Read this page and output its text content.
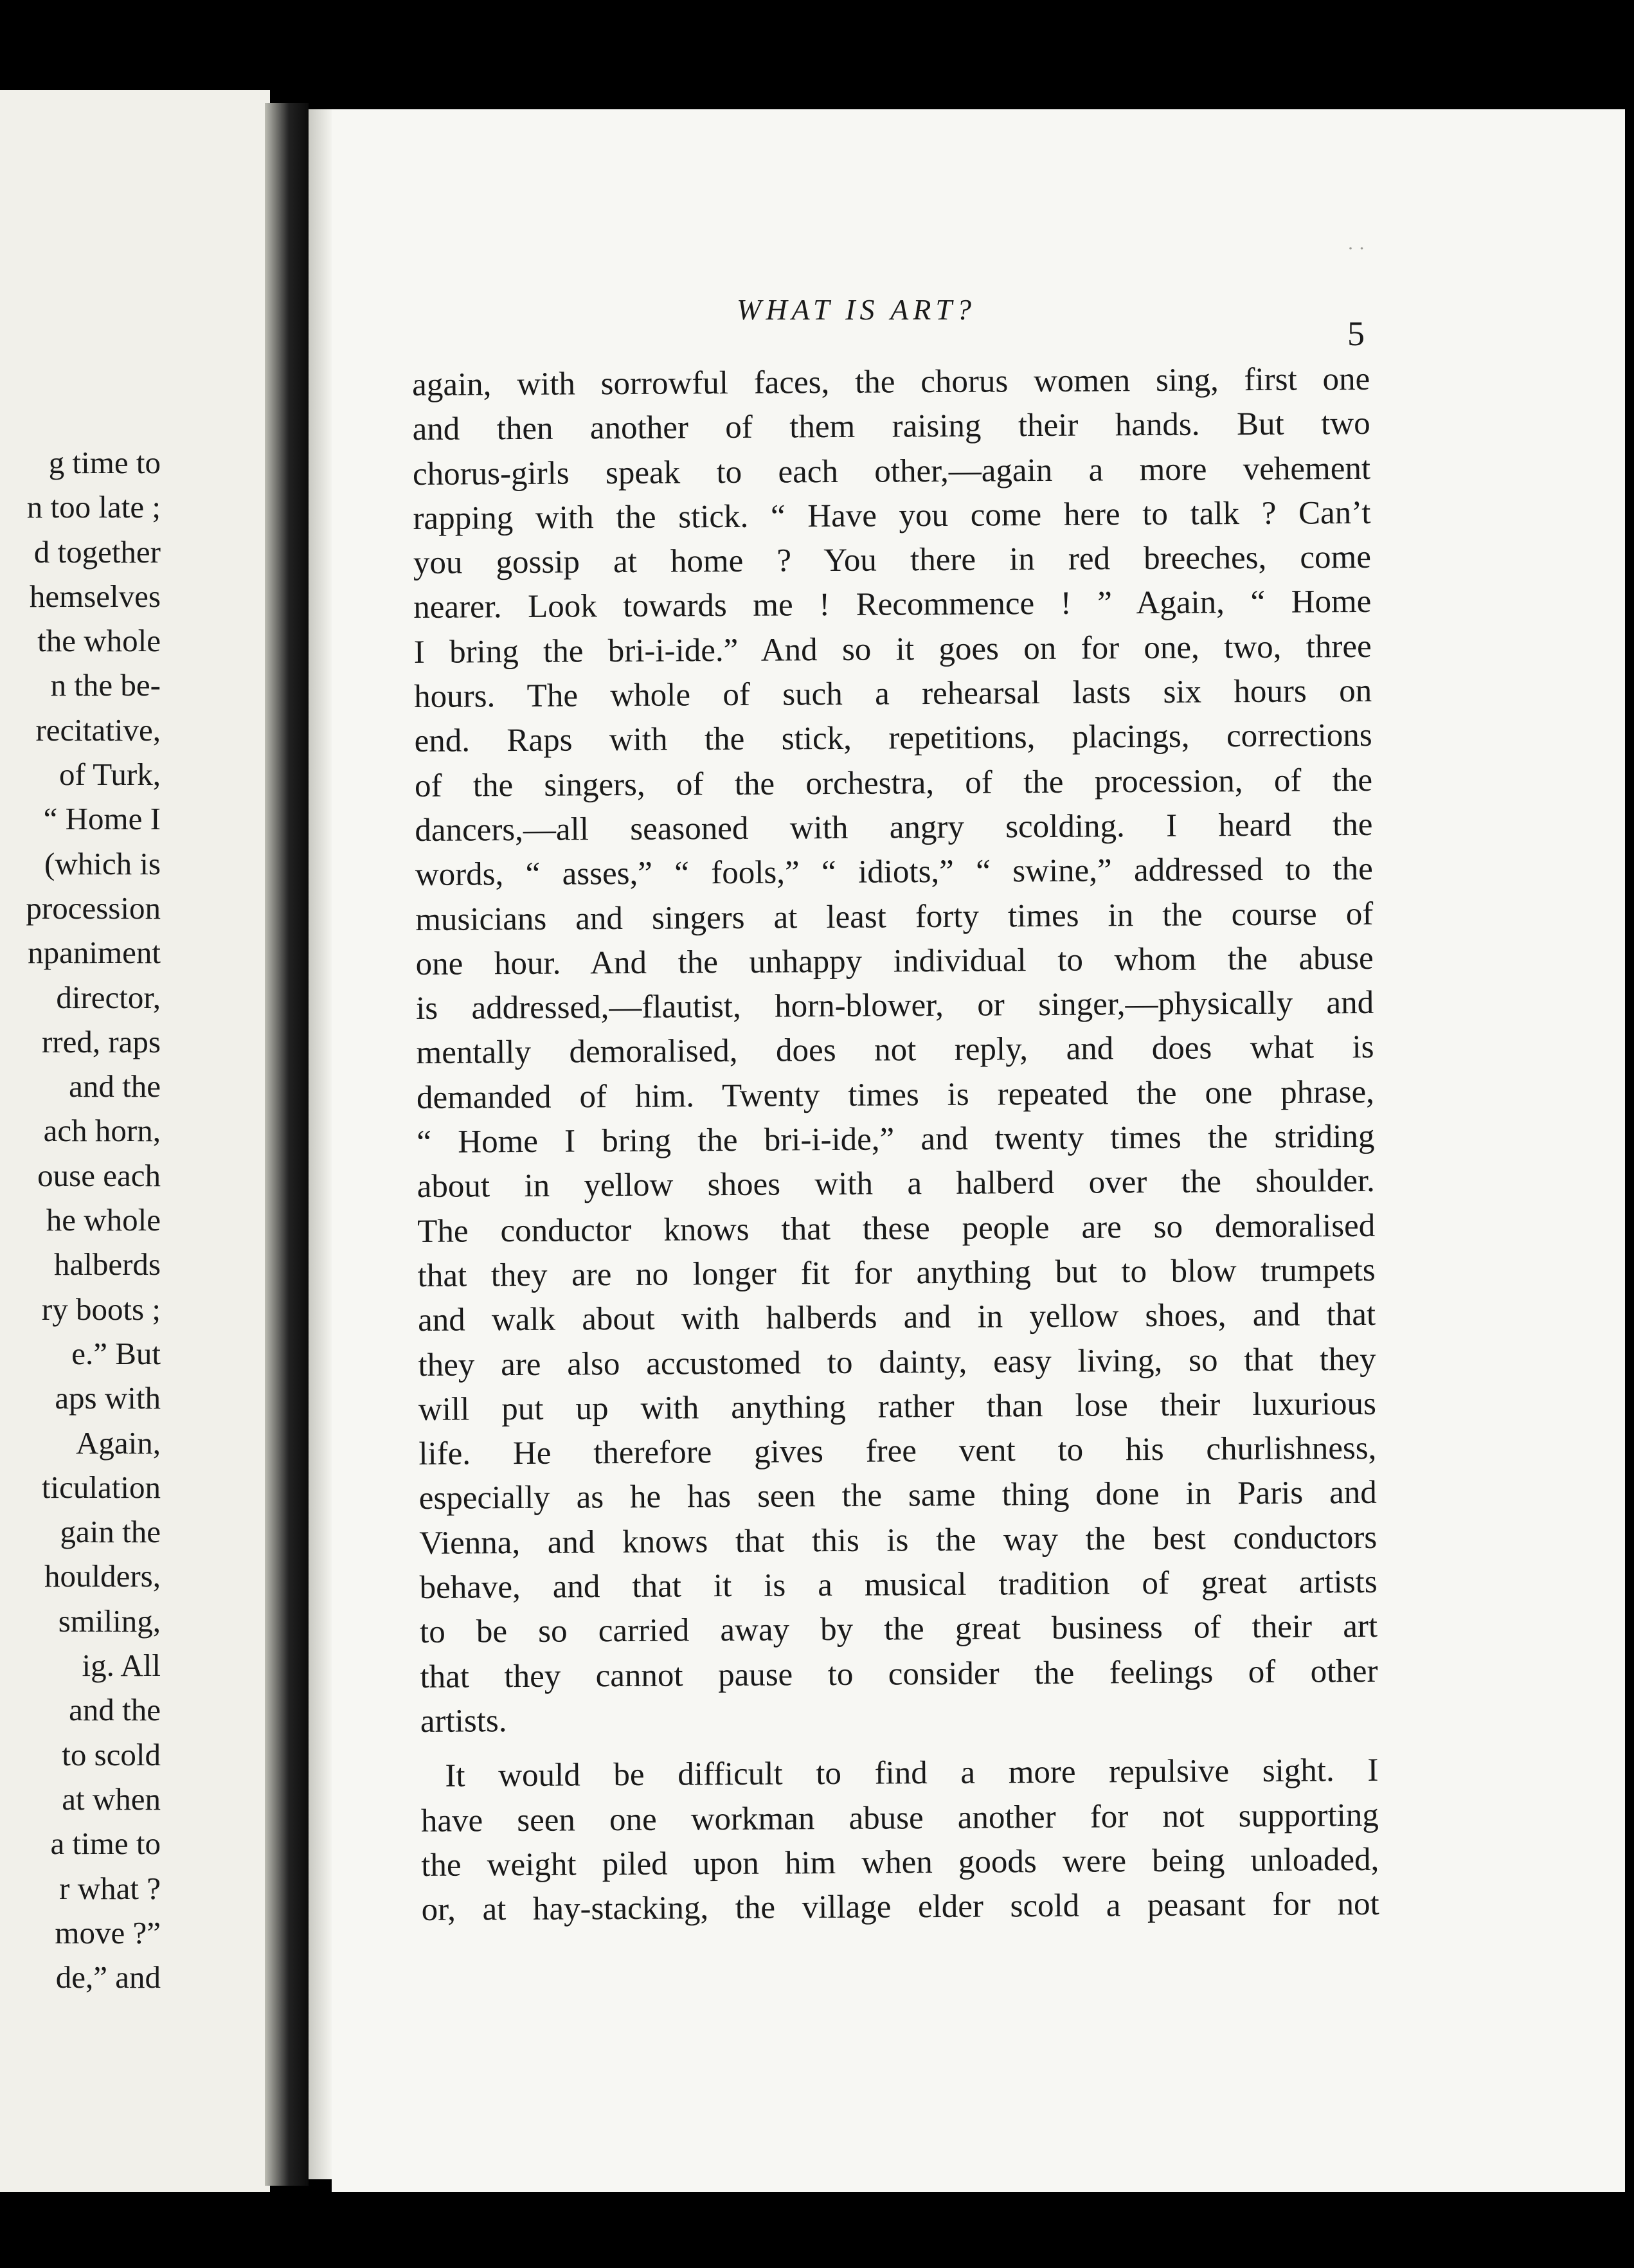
g time to
n too late ;
d together
hemselves
the whole
n the be-
recitative,
of Turk,
“ Home I
(which is
procession
npaniment
director,
rred, raps
and the
ach horn,
ouse each
he whole
halberds
ry boots ;
e.” But
aps with
Again,
ticulation
gain the
houlders,
smiling,
ig. All
and the
to scold
at when
a time to
r what ?
move ?”
de,” and
WHAT IS ART?
5
again, with sorrowful faces, the chorus women sing, first one
and then another of them raising their hands. But two
chorus-girls speak to each other,—again a more vehement
rapping with the stick. “ Have you come here to talk ? Can’t
you gossip at home ? You there in red breeches, come
nearer. Look towards me ! Recommence ! ” Again, “ Home
I bring the bri-i-ide.” And so it goes on for one, two, three
hours. The whole of such a rehearsal lasts six hours on
end. Raps with the stick, repetitions, placings, corrections
of the singers, of the orchestra, of the procession, of the
dancers,—all seasoned with angry scolding. I heard the
words, “ asses,” “ fools,” “ idiots,” “ swine,” addressed to the
musicians and singers at least forty times in the course of
one hour. And the unhappy individual to whom the abuse
is addressed,—flautist, horn-blower, or singer,—physically and
mentally demoralised, does not reply, and does what is
demanded of him. Twenty times is repeated the one phrase,
“ Home I bring the bri-i-ide,” and twenty times the striding
about in yellow shoes with a halberd over the shoulder.
The conductor knows that these people are so demoralised
that they are no longer fit for anything but to blow trumpets
and walk about with halberds and in yellow shoes, and that
they are also accustomed to dainty, easy living, so that they
will put up with anything rather than lose their luxurious
life. He therefore gives free vent to his churlishness,
especially as he has seen the same thing done in Paris and
Vienna, and knows that this is the way the best conductors
behave, and that it is a musical tradition of great artists
to be so carried away by the great business of their art
that they cannot pause to consider the feelings of other
artists.
It would be difficult to find a more repulsive sight. I
have seen one workman abuse another for not supporting
the weight piled upon him when goods were being unloaded,
or, at hay-stacking, the village elder scold a peasant for not
· ·
